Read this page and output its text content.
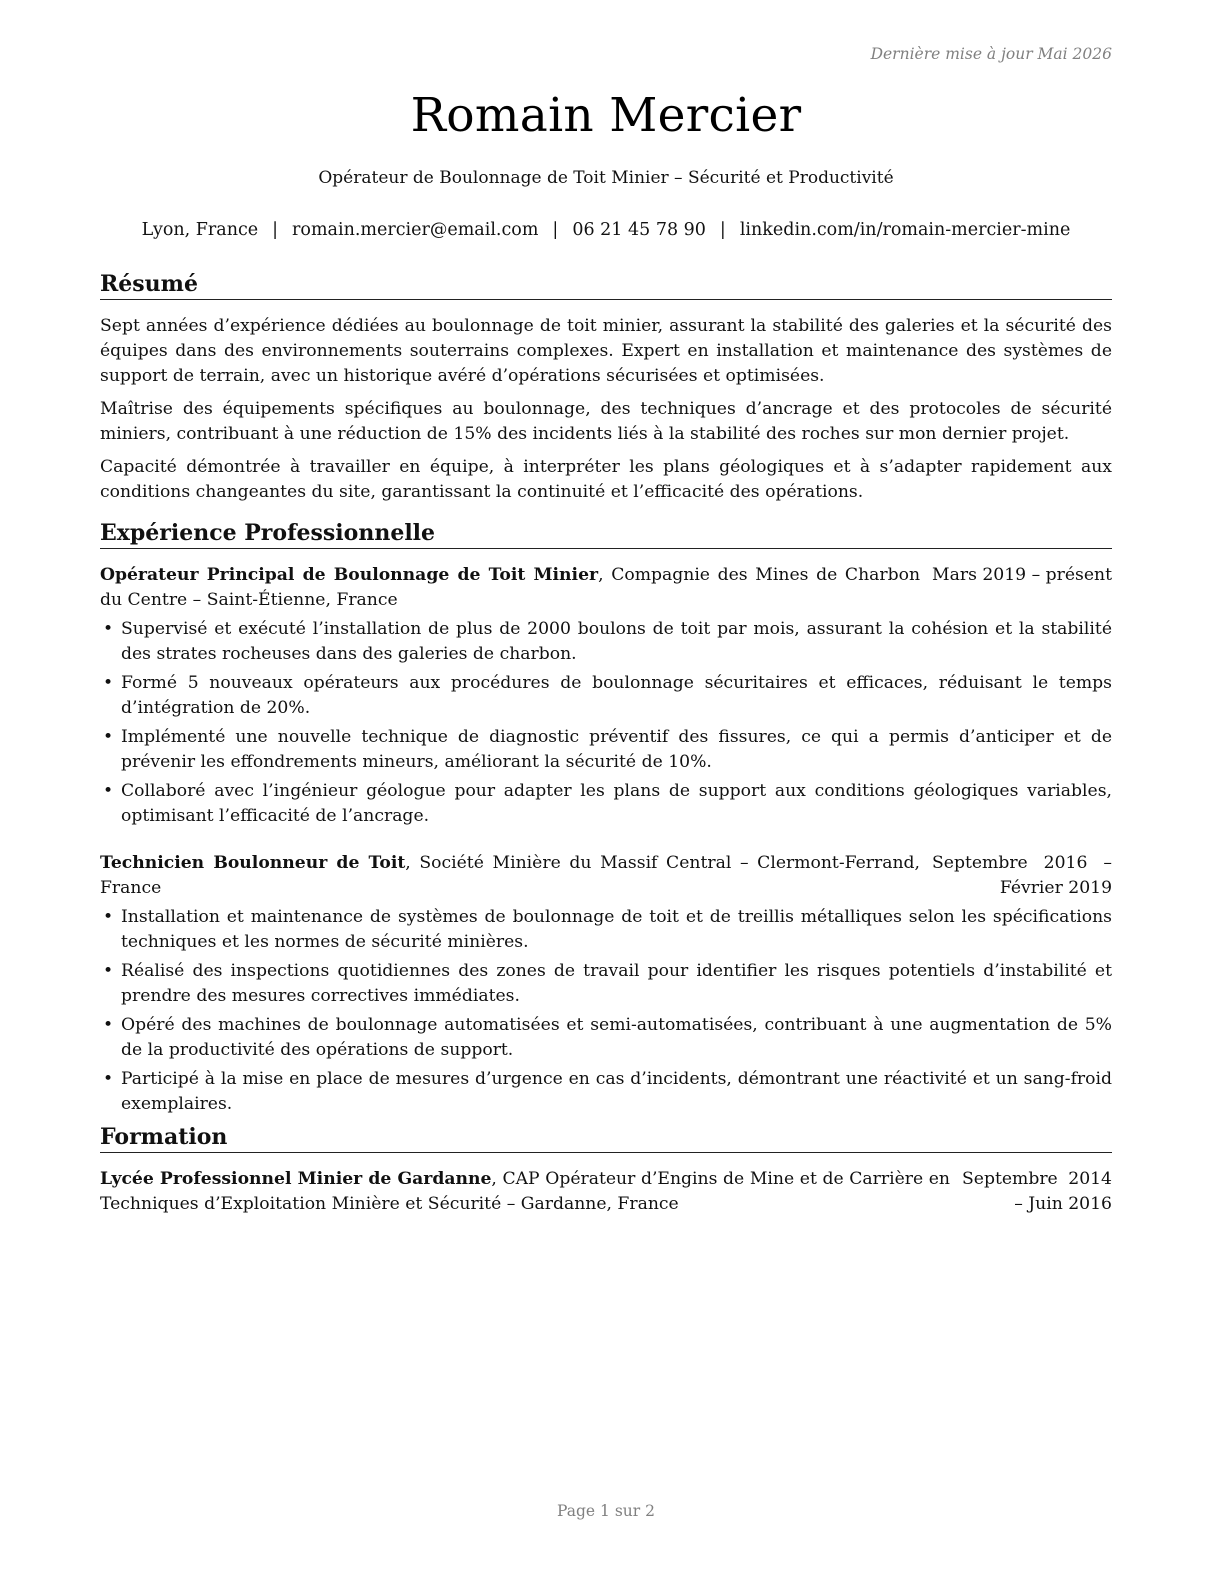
Dernière mise à jour Mai 2026
Romain Mercier
Opérateur de Boulonnage de Toit Minier – Sécurité et Productivité
Lyon, France | romain.mercier@email.com | 06 21 45 78 90 | linkedin.com/in/romain-mercier-mine
Résumé

Sept années d’expérience dédiées au boulonnage de toit minier, assurant la stabilité des galeries et la sécurité des équipes dans des environnements souterrains complexes. Expert en installation et maintenance des systèmes de support de terrain, avec un historique avéré d’opérations sécurisées et optimisées.

Maîtrise des équipements spécifiques au boulonnage, des techniques d’ancrage et des protocoles de sécurité miniers, contribuant à une réduction de 15% des incidents liés à la stabilité des roches sur mon dernier projet.

Capacité démontrée à travailler en équipe, à interpréter les plans géologiques et à s’adapter rapidement aux conditions changeantes du site, garantissant la continuité et l’efficacité des opérations.

Expérience Professionnelle
Opérateur Principal de Boulonnage de Toit Minier, Compagnie des Mines de Charbon du Centre – Saint-Étienne, France
Mars 2019 – présent
• Supervisé et exécuté l’installation de plus de 2000 boulons de toit par mois, assurant la cohésion et la stabilité des strates rocheuses dans des galeries de charbon.
• Formé 5 nouveaux opérateurs aux procédures de boulonnage sécuritaires et efficaces, réduisant le temps d’intégration de 20%.
• Implémenté une nouvelle technique de diagnostic préventif des fissures, ce qui a permis d’anticiper et de prévenir les effondrements mineurs, améliorant la sécurité de 10%.
• Collaboré avec l’ingénieur géologue pour adapter les plans de support aux conditions géologiques variables, optimisant l’efficacité de l’ancrage.
Technicien Boulonneur de Toit, Société Minière du Massif Central – Clermont-Ferrand, France
Septembre 2016 – Février 2019
• Installation et maintenance de systèmes de boulonnage de toit et de treillis métalliques selon les spécifications techniques et les normes de sécurité minières.
• Réalisé des inspections quotidiennes des zones de travail pour identifier les risques potentiels d’instabilité et prendre des mesures correctives immédiates.
• Opéré des machines de boulonnage automatisées et semi-automatisées, contribuant à une augmentation de 5% de la productivité des opérations de support.
• Participé à la mise en place de mesures d’urgence en cas d’incidents, démontrant une réactivité et un sang-froid exemplaires.
Formation
Lycée Professionnel Minier de Gardanne, CAP Opérateur d’Engins de Mine et de Carrière en Techniques d’Exploitation Minière et Sécurité – Gardanne, France
Septembre 2014 – Juin 2016
Page 1 sur 2
